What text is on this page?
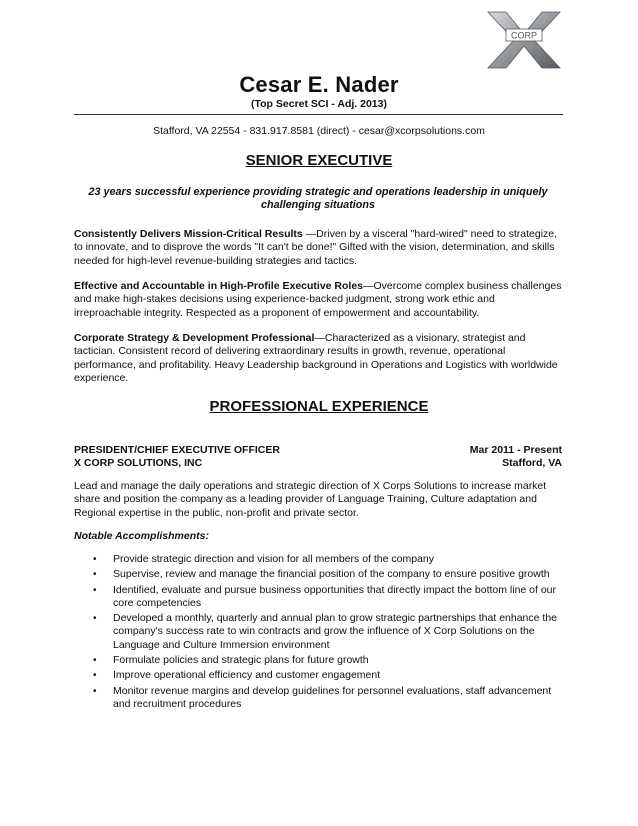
CORP
Cesar E. Nader
(Top Secret SCI - Adj. 2013)
Stafford, VA 22554 - 831.917.8581 (direct) - cesar@xcorpsolutions.com
SENIOR EXECUTIVE
23 years successful experience providing strategic and operations leadership in uniquely challenging situations
Consistently Delivers Mission-Critical Results —Driven by a visceral "hard-wired" need to strategize, to innovate, and to disprove the words "It can't be done!" Gifted with the vision, determination, and skills needed for high-level revenue-building strategies and tactics.
Effective and Accountable in High-Profile Executive Roles—Overcome complex business challenges and make high-stakes decisions using experience-backed judgment, strong work ethic and irreproachable integrity. Respected as a proponent of empowerment and accountability.
Corporate Strategy & Development Professional—Characterized as a visionary, strategist and tactician. Consistent record of delivering extraordinary results in growth, revenue, operational performance, and profitability. Heavy Leadership background in Operations and Logistics with worldwide experience.
PROFESSIONAL EXPERIENCE
PRESIDENT/CHIEF EXECUTIVE OFFICER	Mar 2011 - Present
X CORP SOLUTIONS, INC	Stafford, VA
Lead and manage the daily operations and strategic direction of X Corps Solutions to increase market share and position the company as a leading provider of Language Training, Culture adaptation and Regional expertise in the public, non-profit and private sector.
Notable Accomplishments:
• Provide strategic direction and vision for all members of the company
• Supervise, review and manage the financial position of the company to ensure positive growth
• Identified, evaluate and pursue business opportunities that directly impact the bottom line of our core competencies
• Developed a monthly, quarterly and annual plan to grow strategic partnerships that enhance the company's success rate to win contracts and grow the influence of X Corp Solutions on the Language and Culture Immersion environment
• Formulate policies and strategic plans for future growth
• Improve operational efficiency and customer engagement
• Monitor revenue margins and develop guidelines for personnel evaluations, staff advancement and recruitment procedures
